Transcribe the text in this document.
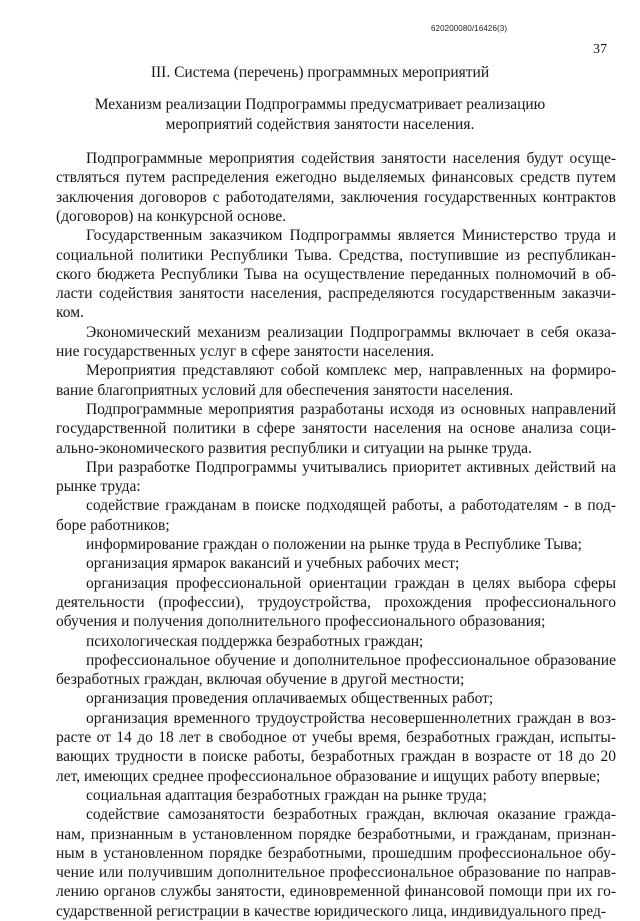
620200080/16426(3)
37
III. Система (перечень) программных мероприятий
Механизм реализации Подпрограммы предусматривает реализацию
мероприятий содействия занятости населения.
Подпрограммные мероприятия содействия занятости населения будут осуще-
ствляться путем распределения ежегодно выделяемых финансовых средств путем
заключения договоров с работодателями, заключения государственных контрактов
(договоров) на конкурсной основе.
Государственным заказчиком Подпрограммы является Министерство труда и
социальной политики Республики Тыва. Средства, поступившие из республикан-
ского бюджета Республики Тыва на осуществление переданных полномочий в об-
ласти содействия занятости населения, распределяются государственным заказчи-
ком.
Экономический механизм реализации Подпрограммы включает в себя оказа-
ние государственных услуг в сфере занятости населения.
Мероприятия представляют собой комплекс мер, направленных на формиро-
вание благоприятных условий для обеспечения занятости населения.
Подпрограммные мероприятия разработаны исходя из основных направлений
государственной политики в сфере занятости населения на основе анализа соци-
ально-экономического развития республики и ситуации на рынке труда.
При разработке Подпрограммы учитывались приоритет активных действий на
рынке труда:
содействие гражданам в поиске подходящей работы, а работодателям - в под-
боре работников;
информирование граждан о положении на рынке труда в Республике Тыва;
организация ярмарок вакансий и учебных рабочих мест;
организация профессиональной ориентации граждан в целях выбора сферы
деятельности (профессии), трудоустройства, прохождения профессионального
обучения и получения дополнительного профессионального образования;
психологическая поддержка безработных граждан;
профессиональное обучение и дополнительное профессиональное образование
безработных граждан, включая обучение в другой местности;
организация проведения оплачиваемых общественных работ;
организация временного трудоустройства несовершеннолетних граждан в воз-
расте от 14 до 18 лет в свободное от учебы время, безработных граждан, испыты-
вающих трудности в поиске работы, безработных граждан в возрасте от 18 до 20
лет, имеющих среднее профессиональное образование и ищущих работу впервые;
социальная адаптация безработных граждан на рынке труда;
содействие самозанятости безработных граждан, включая оказание гражда-
нам, признанным в установленном порядке безработными, и гражданам, признан-
ным в установленном порядке безработными, прошедшим профессиональное обу-
чение или получившим дополнительное профессиональное образование по направ-
лению органов службы занятости, единовременной финансовой помощи при их го-
сударственной регистрации в качестве юридического лица, индивидуального пред-
